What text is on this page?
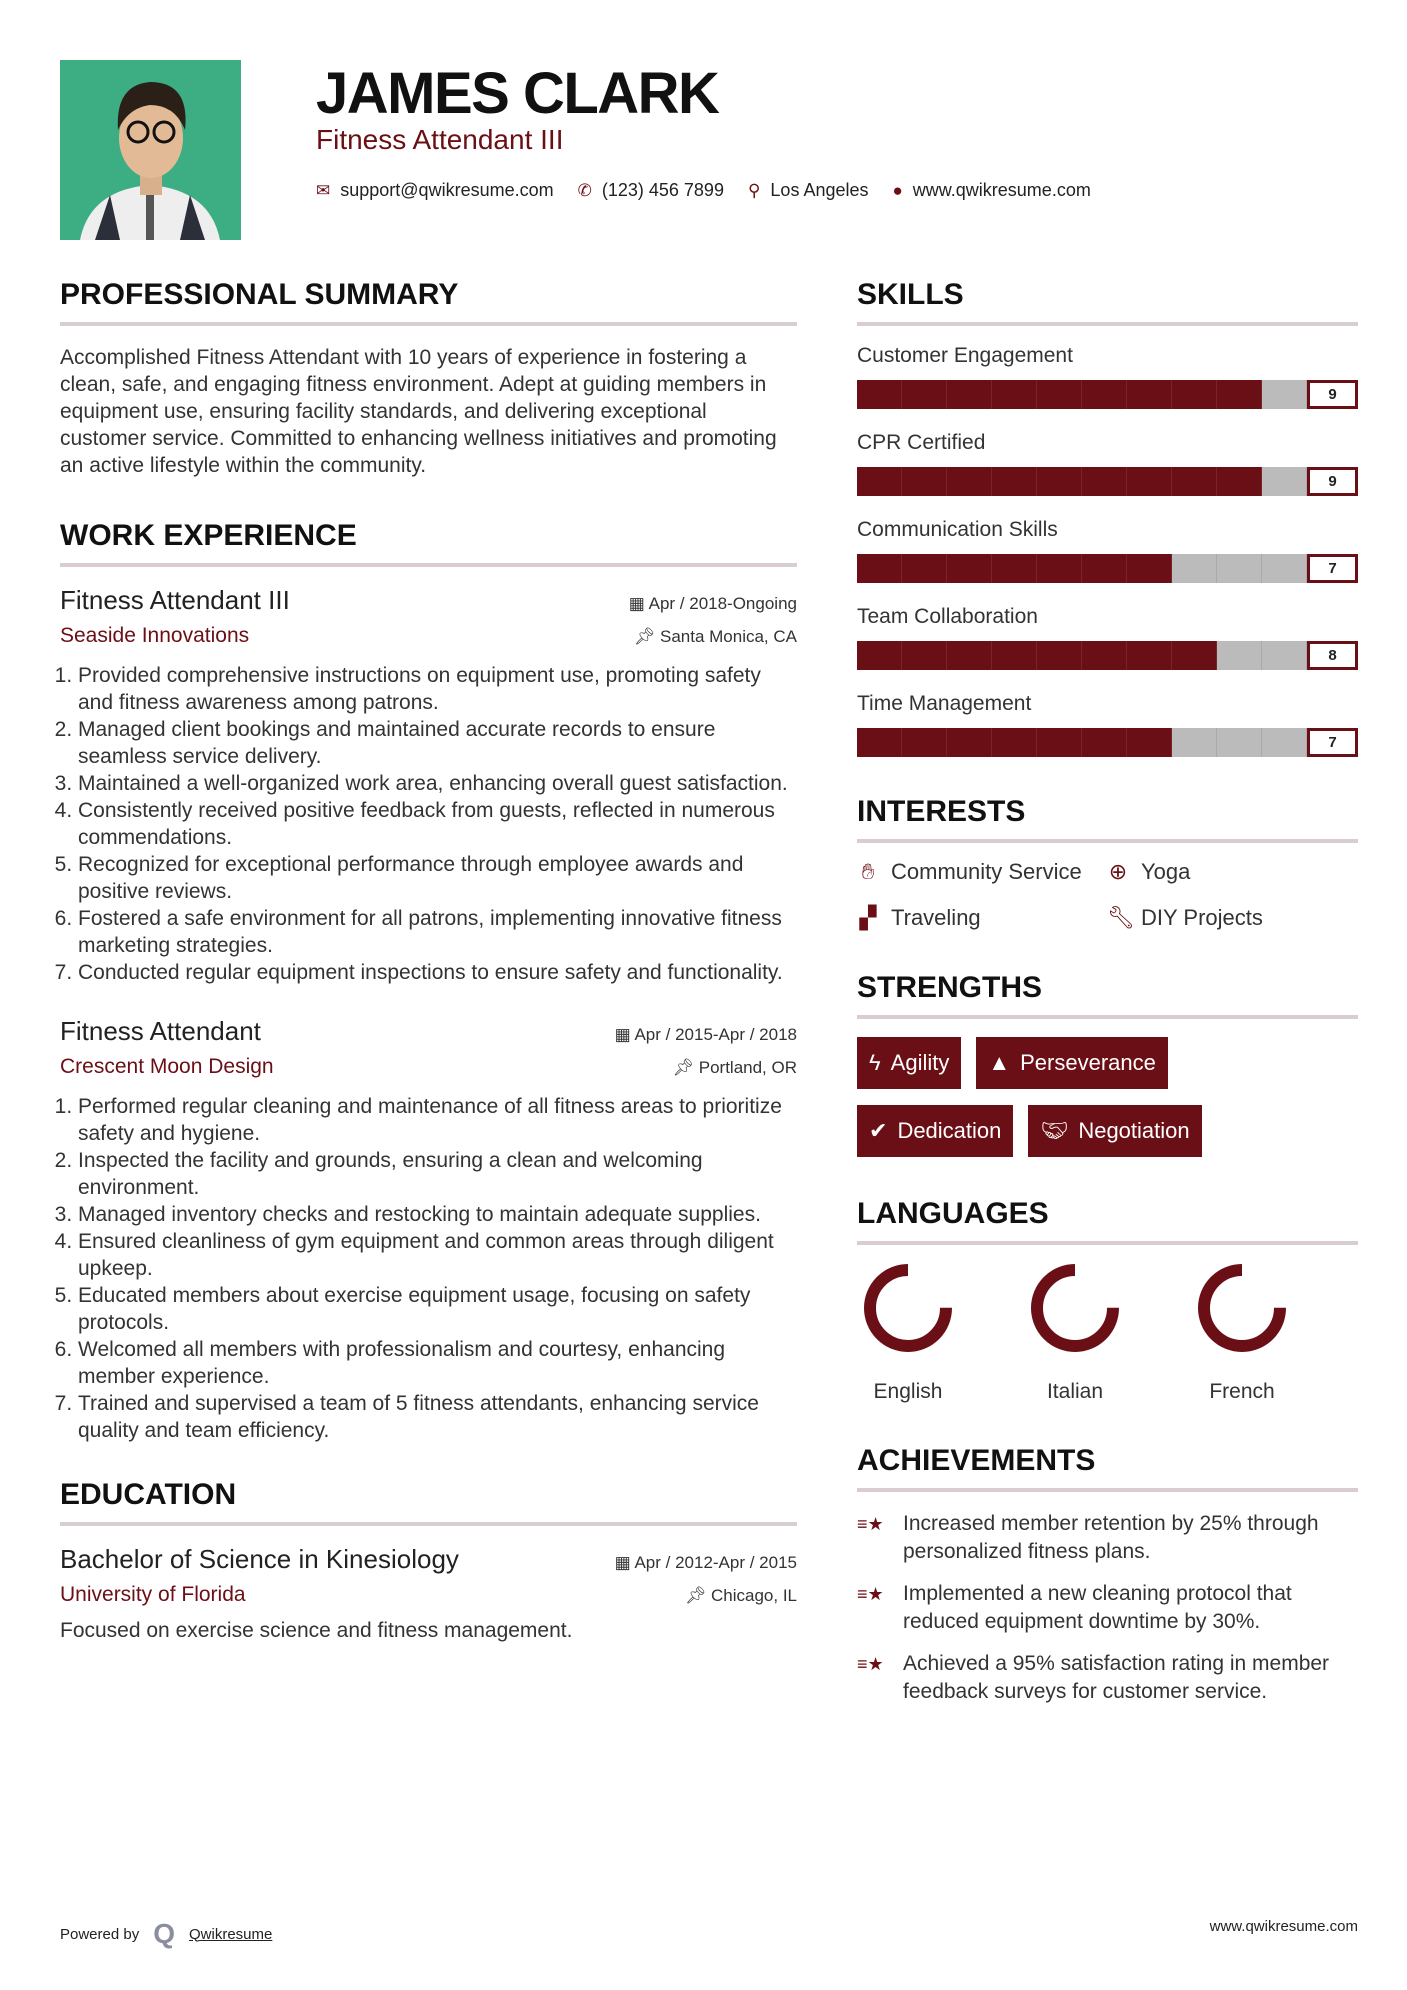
JAMES CLARK
Fitness Attendant III
✉ support@qwikresume.com ✆ (123) 456 7899 ⚲ Los Angeles ● www.qwikresume.com
PROFESSIONAL SUMMARY

Accomplished Fitness Attendant with 10 years of experience in fostering a clean, safe, and engaging fitness environment. Adept at guiding members in equipment use, ensuring facility standards, and delivering exceptional customer service. Committed to enhancing wellness initiatives and promoting an active lifestyle within the community.

WORK EXPERIENCE
Fitness Attendant III	▦ Apr / 2018-Ongoing
Seaside Innovations	📌︎ Santa Monica, CA
1. Provided comprehensive instructions on equipment use, promoting safety and fitness awareness among patrons.
2. Managed client bookings and maintained accurate records to ensure seamless service delivery.
3. Maintained a well-organized work area, enhancing overall guest satisfaction.
4. Consistently received positive feedback from guests, reflected in numerous commendations.
5. Recognized for exceptional performance through employee awards and positive reviews.
6. Fostered a safe environment for all patrons, implementing innovative fitness marketing strategies.
7. Conducted regular equipment inspections to ensure safety and functionality.
Fitness Attendant	▦ Apr / 2015-Apr / 2018
Crescent Moon Design	📌︎ Portland, OR
1. Performed regular cleaning and maintenance of all fitness areas to prioritize safety and hygiene.
2. Inspected the facility and grounds, ensuring a clean and welcoming environment.
3. Managed inventory checks and restocking to maintain adequate supplies.
4. Ensured cleanliness of gym equipment and common areas through diligent upkeep.
5. Educated members about exercise equipment usage, focusing on safety protocols.
6. Welcomed all members with professionalism and courtesy, enhancing member experience.
7. Trained and supervised a team of 5 fitness attendants, enhancing service quality and team efficiency.
EDUCATION
Bachelor of Science in Kinesiology	▦ Apr / 2012-Apr / 2015
University of Florida	📌︎ Chicago, IL

Focused on exercise science and fitness management.

SKILLS
Customer Engagement
9
CPR Certified
9
Communication Skills
7
Team Collaboration
8
Time Management
7
INTERESTS
✋︎ Community Service ⊕ Yoga
▞ Traveling	🔧︎ DIY Projects
STRENGTHS
ϟ Agility ▲ Perseverance
✔ Dedication 🤝︎ Negotiation
LANGUAGES
English	Italian	French
ACHIEVEMENTS
≡★ Increased member retention by 25% through personalized fitness plans.
≡★ Implemented a new cleaning protocol that reduced equipment downtime by 30%.
≡★ Achieved a 95% satisfaction rating in member feedback surveys for customer service.
Powered by Q Qwikresume	www.qwikresume.com
